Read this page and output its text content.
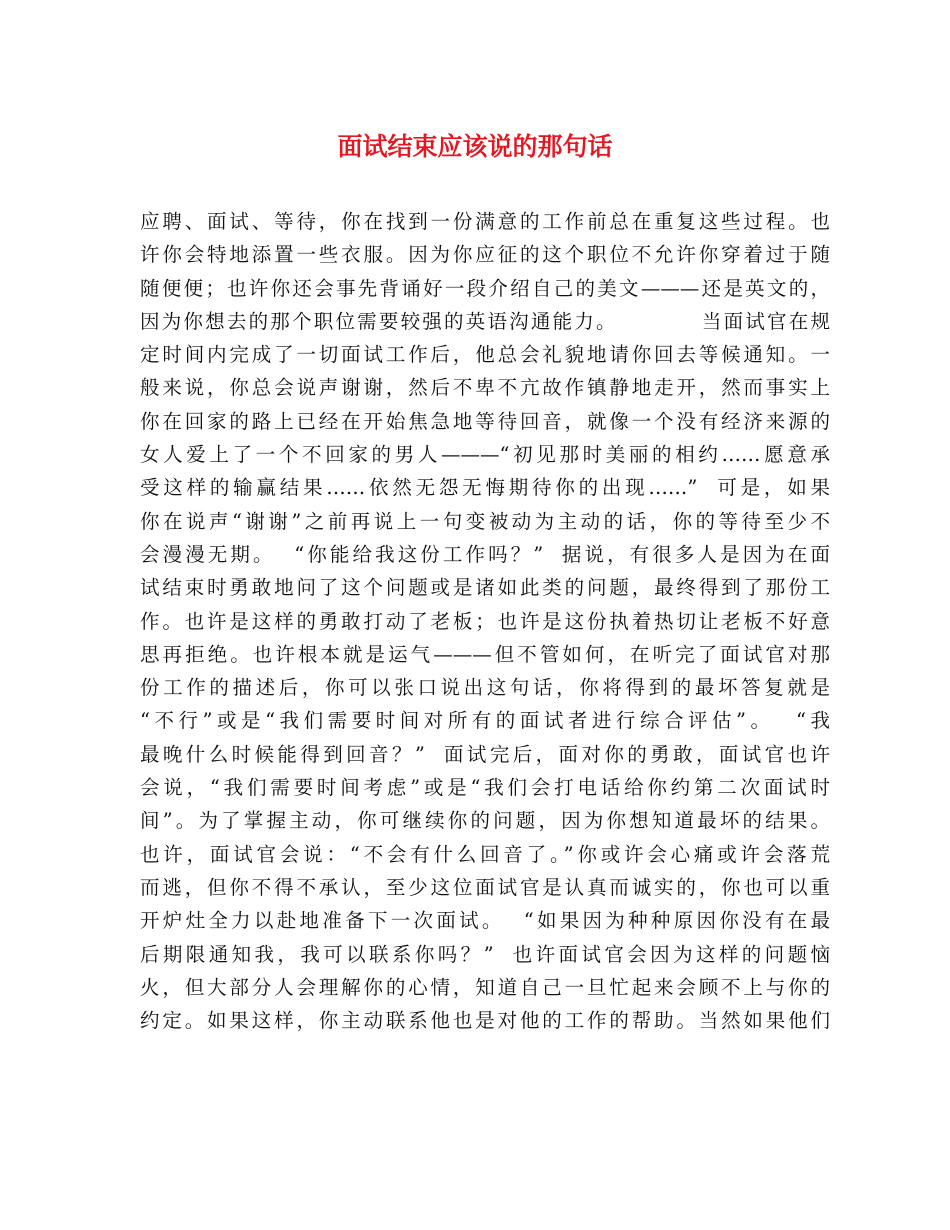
面试结束应该说的那句话
应聘、面试、等待，你在找到一份满意的工作前总在重复这些过程。也
许你会特地添置一些衣服。因为你应征的这个职位不允许你穿着过于随
随便便；也许你还会事先背诵好一段介绍自己的美文———还是英文的，
因为你想去的那个职位需要较强的英语沟通能力。          当面试官在规
定时间内完成了一切面试工作后，他总会礼貌地请你回去等候通知。一
般来说，你总会说声谢谢，然后不卑不亢故作镇静地走开，然而事实上
你在回家的路上已经在开始焦急地等待回音，就像一个没有经济来源的
女人爱上了一个不回家的男人———“初见那时美丽的相约……愿意承
受这样的输赢结果……依然无怨无悔期待你的出现……”  可是，如果
你在说声“谢谢”之前再说上一句变被动为主动的话，你的等待至少不
会漫漫无期。  “你能给我这份工作吗？”  据说，有很多人是因为在面
试结束时勇敢地问了这个问题或是诸如此类的问题，最终得到了那份工
作。也许是这样的勇敢打动了老板；也许是这份执着热切让老板不好意
思再拒绝。也许根本就是运气———但不管如何，在听完了面试官对那
份工作的描述后，你可以张口说出这句话，你将得到的最坏答复就是
“不行”或是“我们需要时间对所有的面试者进行综合评估”。  “我
最晚什么时候能得到回音？”  面试完后，面对你的勇敢，面试官也许
会说，“我们需要时间考虑”或是“我们会打电话给你约第二次面试时
间”。为了掌握主动，你可继续你的问题，因为你想知道最坏的结果。
也许，面试官会说：“不会有什么回音了。”你或许会心痛或许会落荒
而逃，但你不得不承认，至少这位面试官是认真而诚实的，你也可以重
开炉灶全力以赴地准备下一次面试。  “如果因为种种原因你没有在最
后期限通知我，我可以联系你吗？”  也许面试官会因为这样的问题恼
火，但大部分人会理解你的心情，知道自己一旦忙起来会顾不上与你的
约定。如果这样，你主动联系他也是对他的工作的帮助。当然如果他们
